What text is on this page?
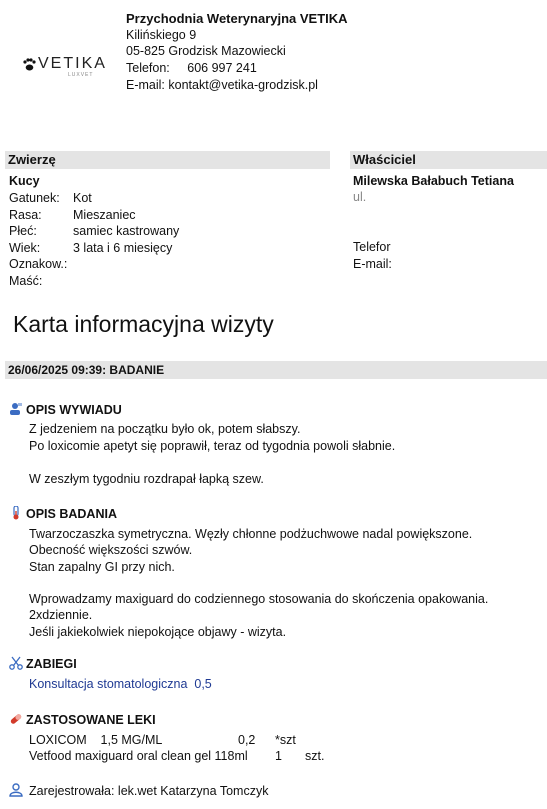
VETIKA
LUXVET
Przychodnia Weterynaryjna VETIKA
Kilińskiego 9
05-825 Grodzisk Mazowiecki
Telefon: 606 997 241
E-mail: kontakt@vetika-grodzisk.pl
Zwierzę	Właściciel
Kucy
Gatunek: Kot
Rasa:	Mieszaniec
Płeć:	samiec kastrowany
Wiek:	3 lata i 6 miesięcy
Oznakow.:
Maść:
Milewska Bałabuch Tetiana
ul.
Telefor
E-mail:
Karta informacyjna wizyty
26/06/2025 09:39: BADANIE
OPIS WYWIADU
Z jedzeniem na początku było ok, potem słabszy.
Po loxicomie apetyt się poprawił, teraz od tygodnia powoli słabnie.
W zeszłym tygodniu rozdrapał łapką szew.
OPIS BADANIA
Twarzoczaszka symetryczna. Węzły chłonne podżuchwowe nadal powiększone.
Obecność większości szwów.
Stan zapalny GI przy nich.
Wprowadzamy maxiguard do codziennego stosowania do skończenia opakowania.
2xdziennie.
Jeśli jakiekolwiek niepokojące objawy - wizyta.
ZABIEGI
Konsultacja stomatologiczna  0,5
ZASTOSOWANE LEKI
LOXICOM    1,5 MG/ML	0,2 *szt
Vetfood maxiguard oral clean gel 118ml 1 szt.
Zarejestrowała: lek.wet Katarzyna Tomczyk
